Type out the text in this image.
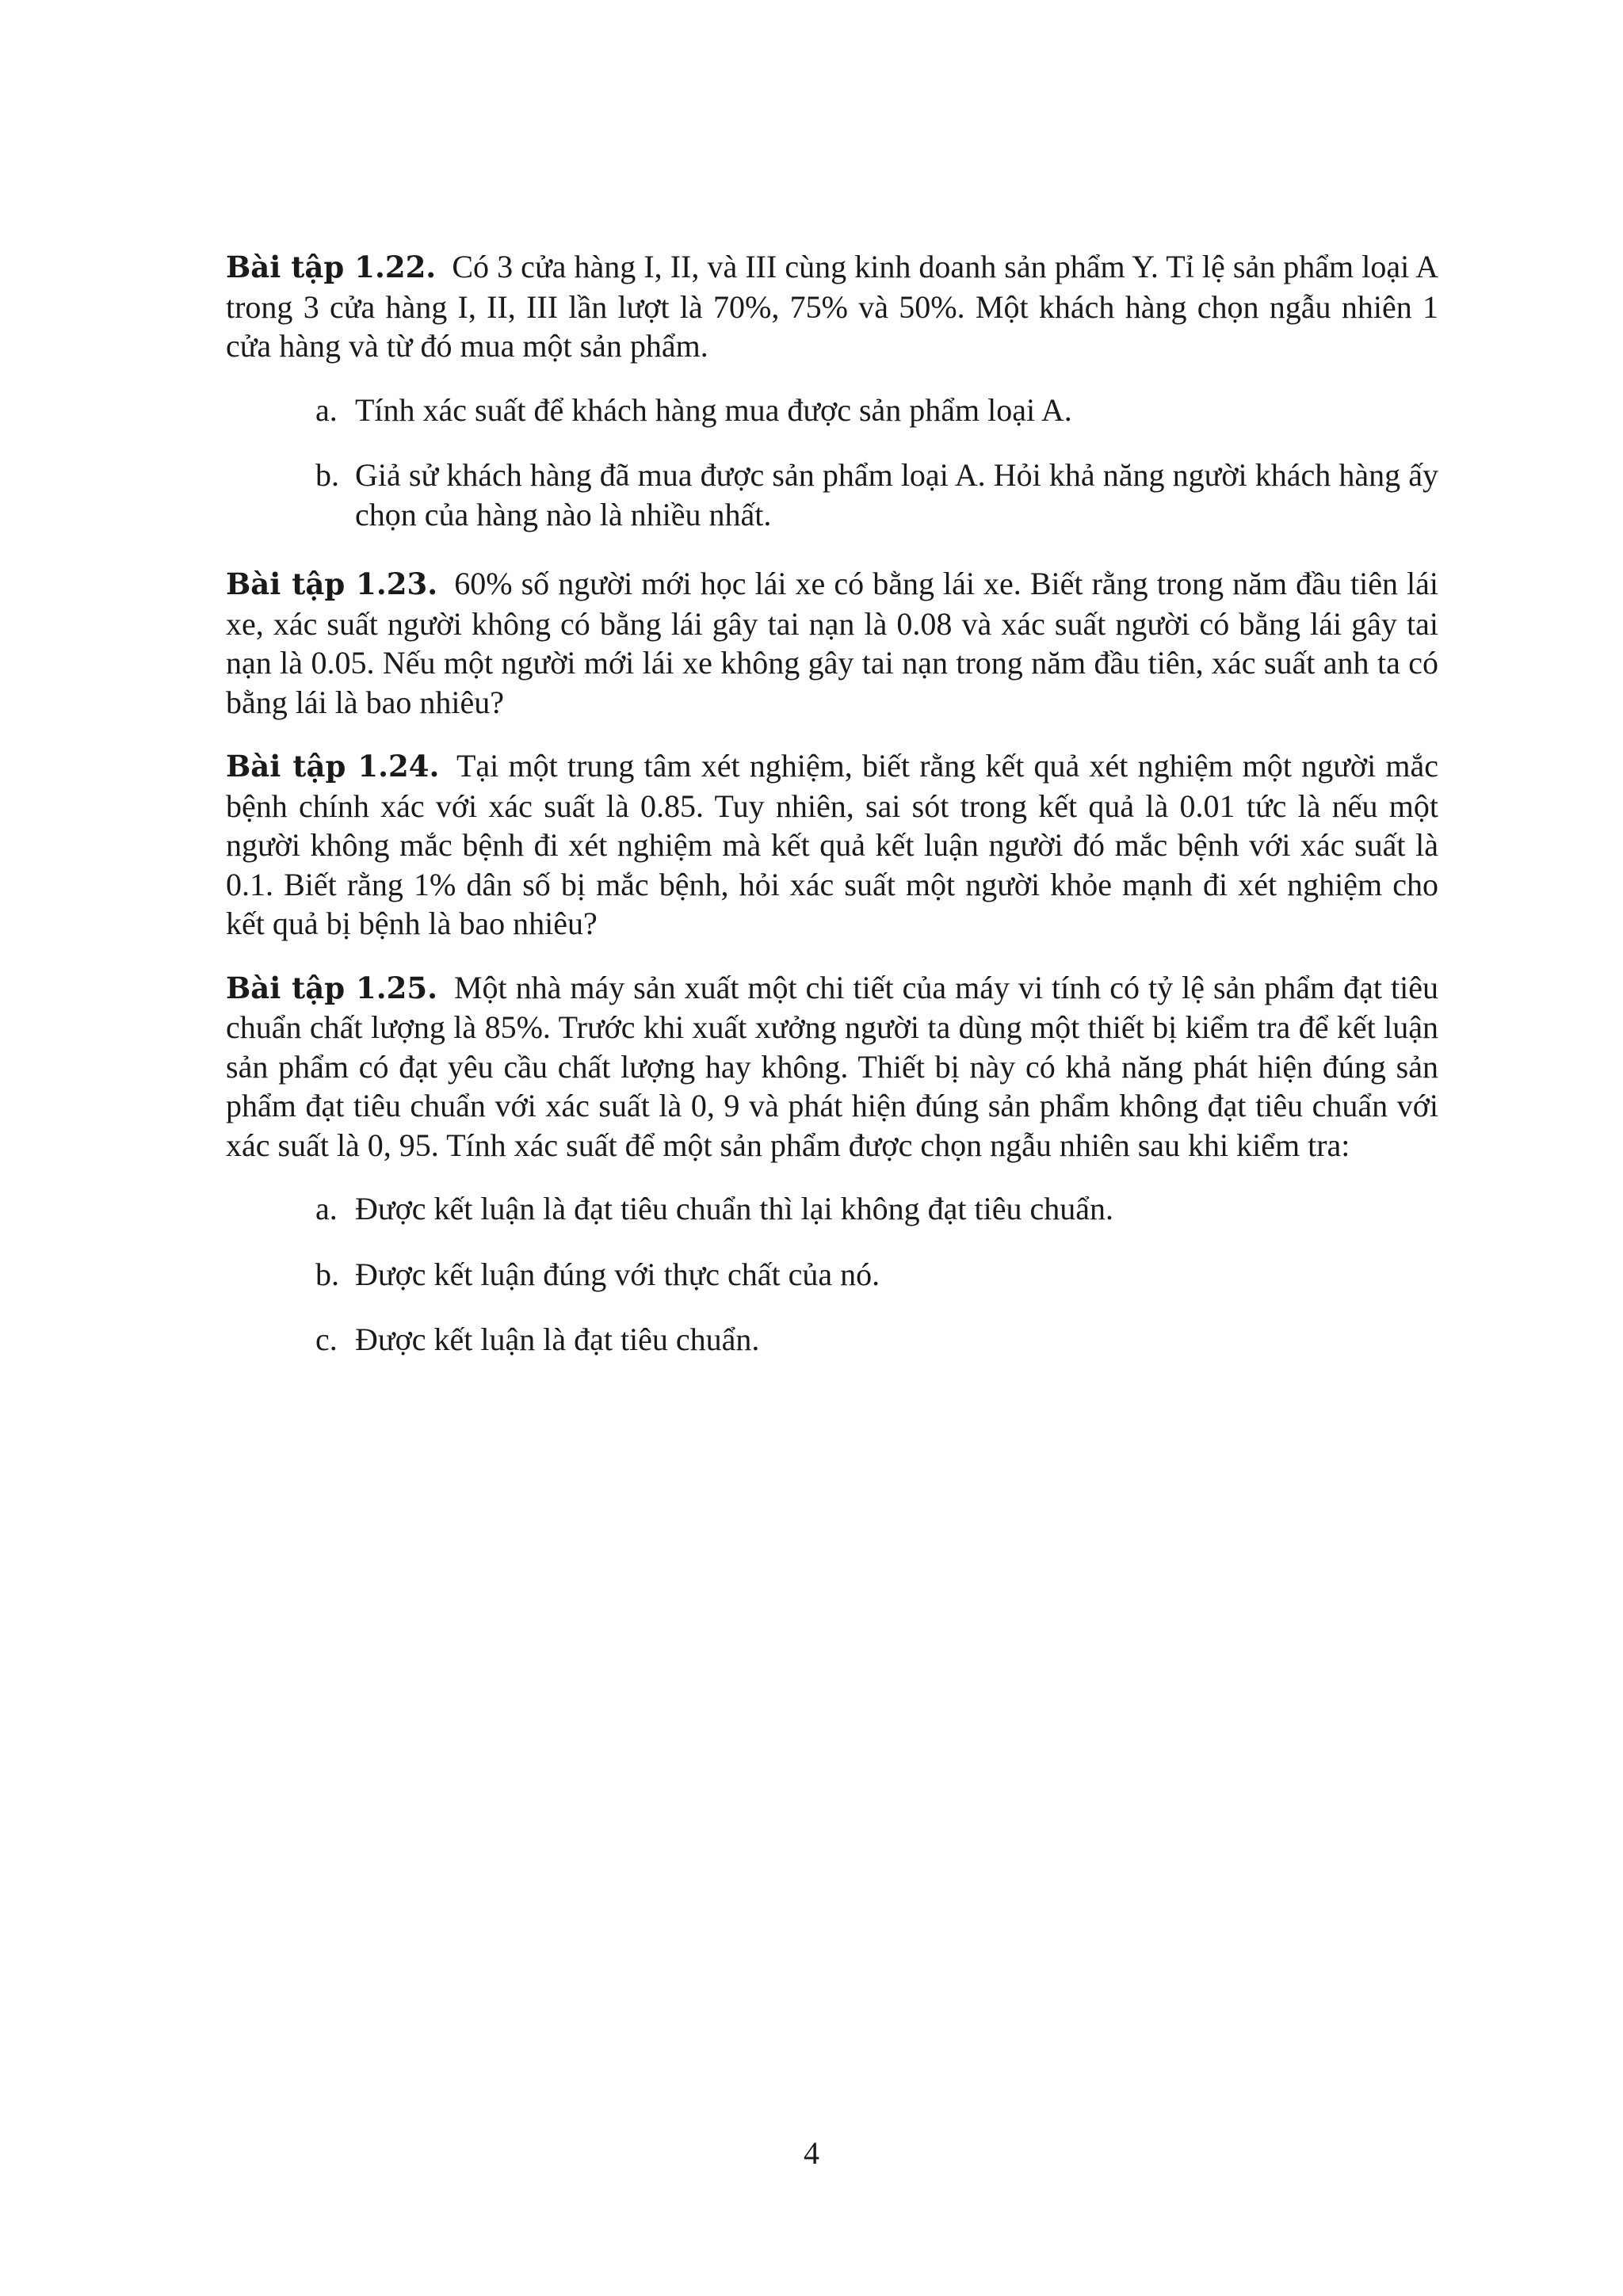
Bài tập 1.22. Có 3 cửa hàng I, II, và III cùng kinh doanh sản phẩm Y. Tỉ lệ sản phẩm loại A trong 3 cửa hàng I, II, III lần lượt là 70%, 75% và 50%. Một khách hàng chọn ngẫu nhiên 1 cửa hàng và từ đó mua một sản phẩm.

a. Tính xác suất để khách hàng mua được sản phẩm loại A.
b. Giả sử khách hàng đã mua được sản phẩm loại A. Hỏi khả năng người khách hàng ấy chọn của hàng nào là nhiều nhất.

Bài tập 1.23. 60% số người mới học lái xe có bằng lái xe. Biết rằng trong năm đầu tiên lái xe, xác suất người không có bằng lái gây tai nạn là 0.08 và xác suất người có bằng lái gây tai nạn là 0.05. Nếu một người mới lái xe không gây tai nạn trong năm đầu tiên, xác suất anh ta có bằng lái là bao nhiêu?

Bài tập 1.24. Tại một trung tâm xét nghiệm, biết rằng kết quả xét nghiệm một người mắc bệnh chính xác với xác suất là 0.85. Tuy nhiên, sai sót trong kết quả là 0.01 tức là nếu một người không mắc bệnh đi xét nghiệm mà kết quả kết luận người đó mắc bệnh với xác suất là 0.1. Biết rằng 1% dân số bị mắc bệnh, hỏi xác suất một người khỏe mạnh đi xét nghiệm cho kết quả bị bệnh là bao nhiêu?

Bài tập 1.25. Một nhà máy sản xuất một chi tiết của máy vi tính có tỷ lệ sản phẩm đạt tiêu chuẩn chất lượng là 85%. Trước khi xuất xưởng người ta dùng một thiết bị kiểm tra để kết luận sản phẩm có đạt yêu cầu chất lượng hay không. Thiết bị này có khả năng phát hiện đúng sản phẩm đạt tiêu chuẩn với xác suất là 0, 9 và phát hiện đúng sản phẩm không đạt tiêu chuẩn với xác suất là 0, 95. Tính xác suất để một sản phẩm được chọn ngẫu nhiên sau khi kiểm tra:

a. Được kết luận là đạt tiêu chuẩn thì lại không đạt tiêu chuẩn.
b. Được kết luận đúng với thực chất của nó.
c. Được kết luận là đạt tiêu chuẩn.
4
